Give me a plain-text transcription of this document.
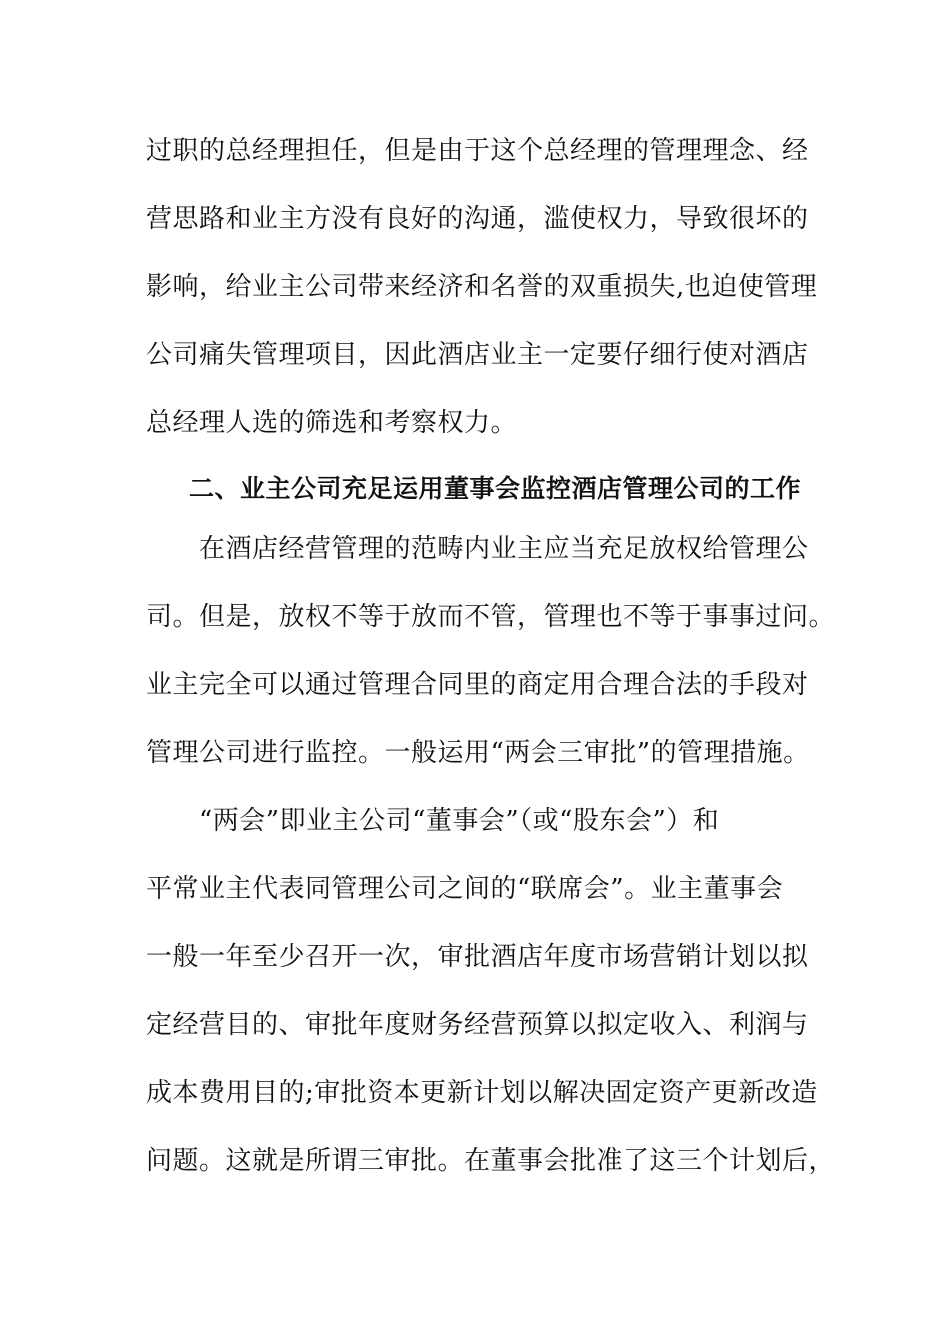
过职的总经理担任，但是由于这个总经理的管理理念、经
营思路和业主方没有良好的沟通，滥使权力，导致很坏的
影响，给业主公司带来经济和名誉的双重损失,也迫使管理
公司痛失管理项目，因此酒店业主一定要仔细行使对酒店
总经理人选的筛选和考察权力。
二、业主公司充足运用董事会监控酒店管理公司的工作
在酒店经营管理的范畴内业主应当充足放权给管理公
司。但是，放权不等于放而不管，管理也不等于事事过问。
业主完全可以通过管理合同里的商定用合理合法的手段对
管理公司进行监控。一般运用“两会三审批”的管理措施。
“两会”即业主公司“董事会”（或“股东会”）和
平常业主代表同管理公司之间的“联席会”。业主董事会
一般一年至少召开一次，审批酒店年度市场营销计划以拟
定经营目的、审批年度财务经营预算以拟定收入、利润与
成本费用目的;审批资本更新计划以解决固定资产更新改造
问题。这就是所谓三审批。在董事会批准了这三个计划后，
